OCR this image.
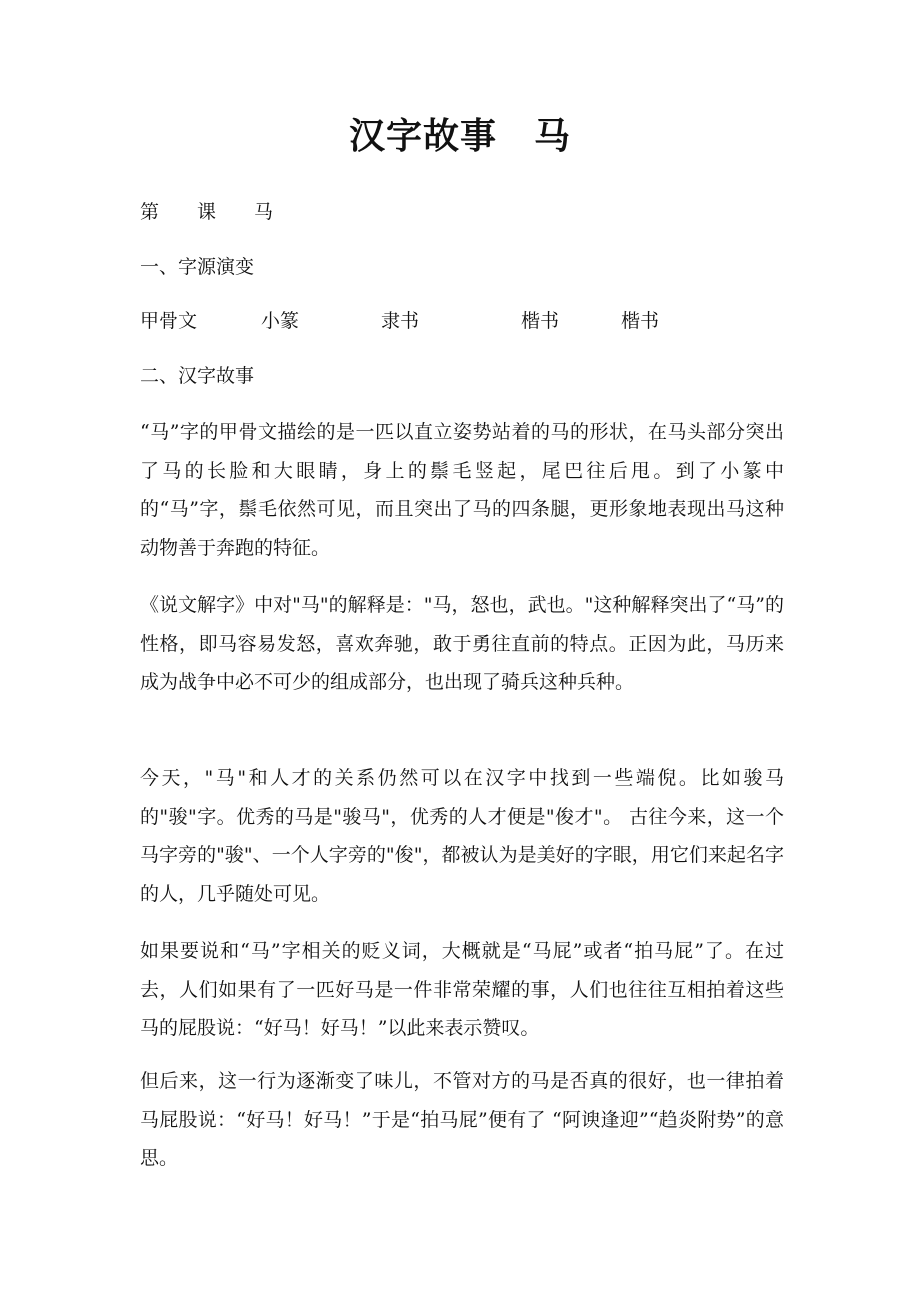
汉字故事　马
第　　课　　马
一、字源演变
甲骨文	小篆	隶书	楷书	楷书
二、汉字故事

“马”字的甲骨文描绘的是一匹以直立姿势站着的马的形状，在马头部分突出了马的长脸和大眼睛，身上的鬃毛竖起，尾巴往后甩。到了小篆中的“马”字，鬃毛依然可见，而且突出了马的四条腿，更形象地表现出马这种动物善于奔跑的特征。

《说文解字》中对"马"的解释是："马，怒也，武也。"这种解释突出了“马”的性格，即马容易发怒，喜欢奔驰，敢于勇往直前的特点。正因为此，马历来成为战争中必不可少的组成部分，也出现了骑兵这种兵种。

今天，"马"和人才的关系仍然可以在汉字中找到一些端倪。比如骏马的"骏"字。优秀的马是"骏马"，优秀的人才便是"俊才"。 古往今来，这一个马字旁的"骏"、一个人字旁的"俊"，都被认为是美好的字眼，用它们来起名字的人，几乎随处可见。

如果要说和“马”字相关的贬义词，大概就是“马屁”或者“拍马屁”了。在过去，人们如果有了一匹好马是一件非常荣耀的事，人们也往往互相拍着这些马的屁股说：“好马！好马！”以此来表示赞叹。

但后来，这一行为逐渐变了味儿，不管对方的马是否真的很好，也一律拍着马屁股说：“好马！好马！”于是“拍马屁”便有了 “阿谀逢迎”“趋炎附势”的意思。
